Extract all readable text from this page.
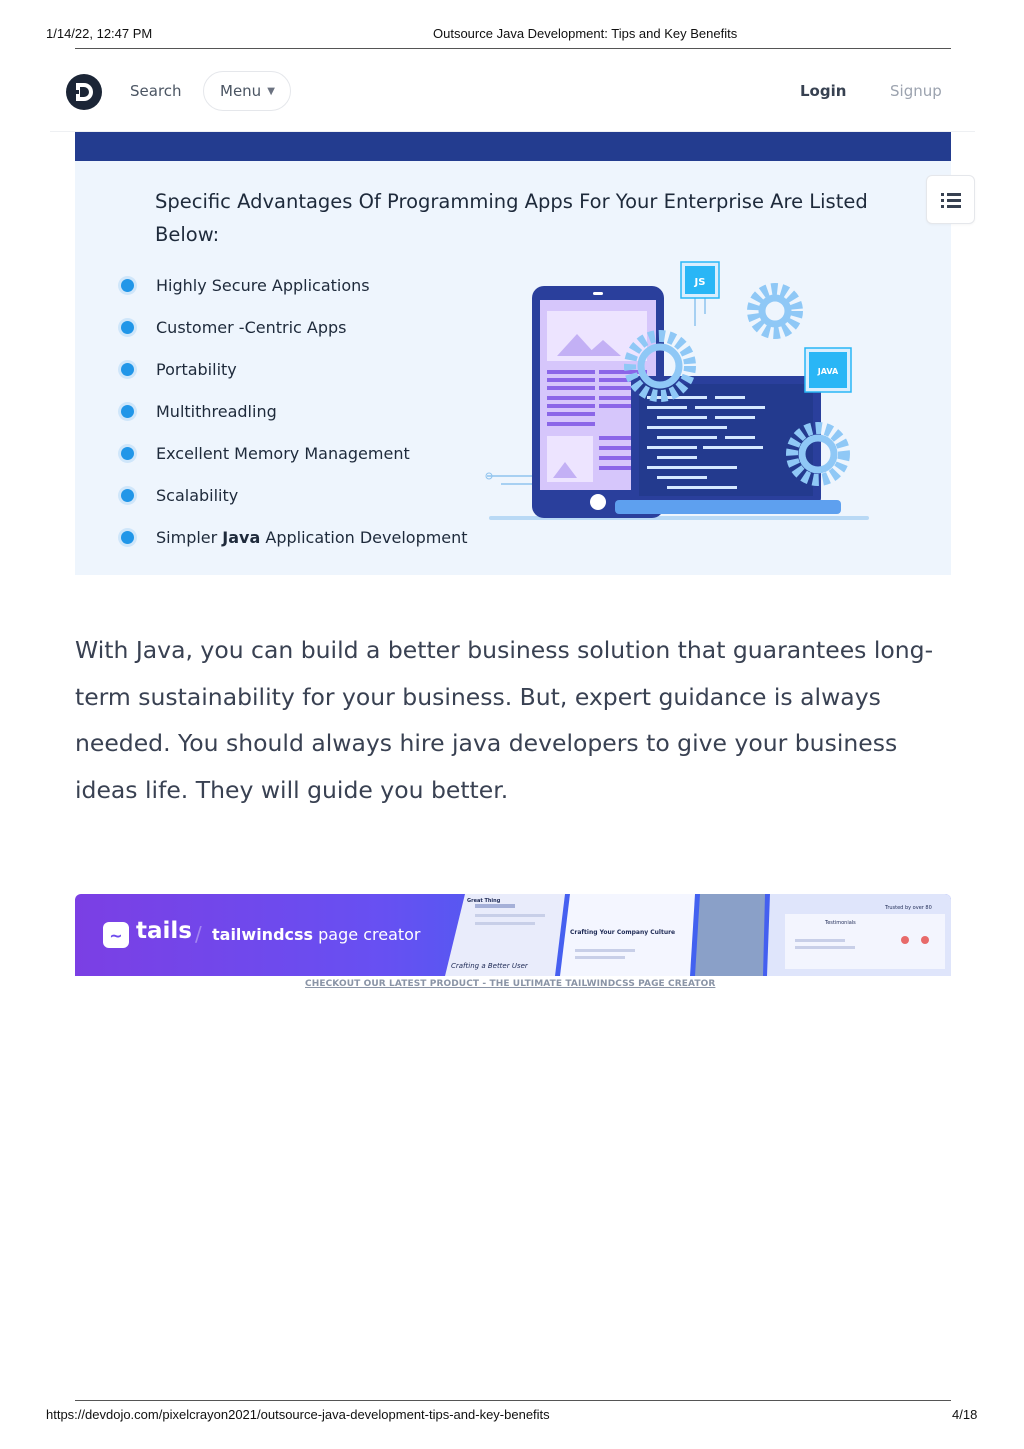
1/14/22, 12:47 PM	Outsource Java Development: Tips and Key Benefits
Search	Menu ▼	Login	Signup
Specific Advantages Of Programming Apps For Your Enterprise Are Listed Below:
Highly Secure Applications
Customer -Centric Apps
Portability
Multithreadling
Excellent Memory Management
Scalability
Simpler Java Application Development
JS
JAVA

With Java, you can build a better business solution that guarantees long-term sustainability for your business. But, expert guidance is always needed. You should always hire java developers to give your business ideas life. They will guide you better.

~ tails / tailwindcss page creator
Great Thing
Crafting Your Company Culture
Crafting a Better User
Testimonials
Trusted by over 80
CHECKOUT OUR LATEST PRODUCT - THE ULTIMATE TAILWINDCSS PAGE CREATOR
https://devdojo.com/pixelcrayon2021/outsource-java-development-tips-and-key-benefits	4/18
